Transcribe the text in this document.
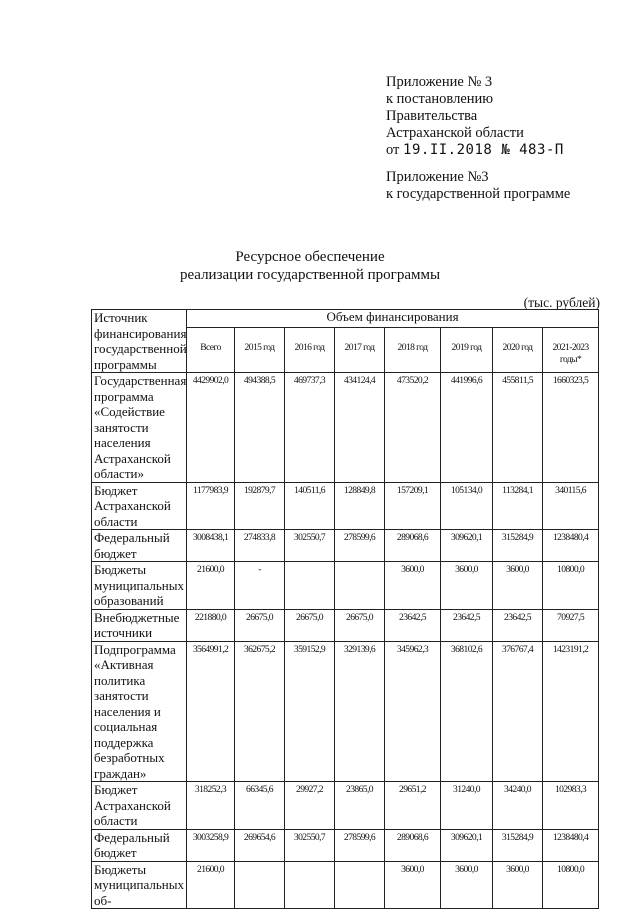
Приложение № 3
к постановлению
Правительства
Астраханской области
от 19.II.2018 № 483-П
Приложение №3
к государственной программе
Ресурсное обеспечение
реализации государственной программы
(тыс. рублей)
Источник финансирования государственной программы	Объем финансирования							
	Всего	2015 год	2016 год	2017 год	2018 год	2019 год	2020 год	2021-2023 годы*
Государственная программа «Содействие занятости населения Астраханской области»	4429902,0	494388,5	469737,3	434124,4	473520,2	441996,6	455811,5	1660323,5
Бюджет Астраханской области	1177983,9	192879,7	140511,6	128849,8	157209,1	105134,0	113284,1	340115,6
Федеральный бюджет	3008438,1	274833,8	302550,7	278599,6	289068,6	309620,1	315284,9	1238480,4
Бюджеты муниципальных образований	21600,0	-			3600,0	3600,0	3600,0	10800,0
Внебюджетные источники	221880,0	26675,0	26675,0	26675,0	23642,5	23642,5	23642,5	70927,5
Подпрограмма «Активная политика занятости населения и социальная поддержка безработных граждан»	3564991,2	362675,2	359152,9	329139,6	345962,3	368102,6	376767,4	1423191,2
Бюджет Астраханской области	318252,3	66345,6	29927,2	23865,0	29651,2	31240,0	34240,0	102983,3
Федеральный бюджет	3003258,9	269654,6	302550,7	278599,6	289068,6	309620,1	315284,9	1238480,4
Бюджеты муниципальных об-	21600,0				3600,0	3600,0	3600,0	10800,0
